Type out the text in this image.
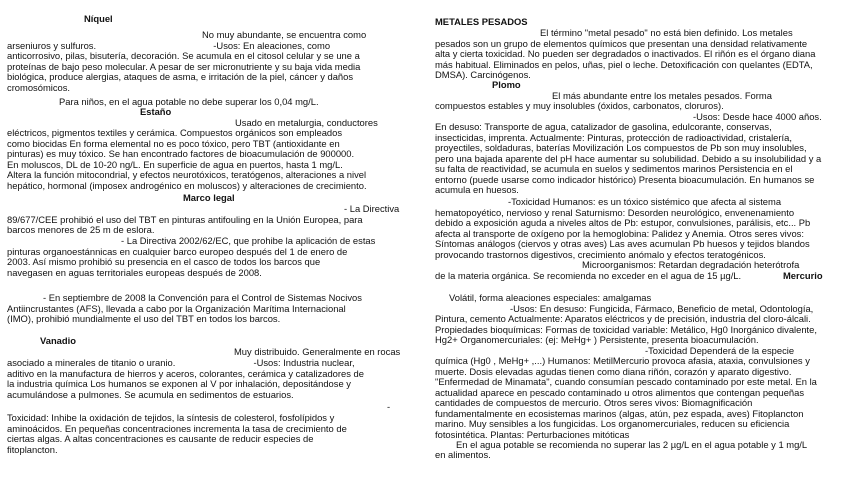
Níquel
No muy abundante, se encuentra como
arseniuros y sulfuros.                                             -Usos: En aleaciones, como
anticorrosivo, pilas, bisutería, decoración. Se acumula en el citosol celular y se une a
proteínas de bajo peso molecular. A pesar de ser micronutriente y su baja vida media
biológica, produce alergias, ataques de asma, e irritación de la piel, cáncer y daños
cromosómicos.
Para niños, en el agua potable no debe superar los 0,04 mg/L.
Estaño
Usado en metalurgia, conductores
eléctricos, pigmentos textiles y cerámica. Compuestos orgánicos son empleados
como biocidas En forma elemental no es poco tóxico, pero TBT (antioxidante en
pinturas) es muy tóxico. Se han encontrado factores de bioacumulación de 900000.
En moluscos, DL de 10-20 ng/L. En superficie de agua en puertos, hasta 1 mg/L.
Altera la función mitocondrial, y efectos neurotóxicos, teratógenos, alteraciones a nivel
hepático, hormonal (imposex androgénico en moluscos) y alteraciones de crecimiento.
Marco legal
- La Directiva
89/677/CEE prohibió el uso del TBT en pinturas antifouling en la Unión Europea, para
barcos menores de 25 m de eslora.
- La Directiva 2002/62/EC, que prohibe la aplicación de estas
pinturas organoestánnicas en cualquier barco europeo después del 1 de enero de
2003. Así mismo prohibió su presencia en el casco de todos los barcos que
navegasen en aguas territoriales europeas después de 2008.
- En septiembre de 2008 la Convención para el Control de Sistemas Nocivos
Antiincrustantes (AFS), llevada a cabo por la Organización Marítima Internacional
(IMO), prohibió mundialmente el uso del TBT en todos los barcos.
Vanadio
Muy distribuido. Generalmente en rocas
asociado a minerales de titanio o uranio.                              -Usos: Industria nuclear,
aditivo en la manufactura de hierros y aceros, colorantes, cerámica y catalizadores de
la industria química Los humanos se exponen al V por inhalación, depositándose y
acumulándose a pulmones. Se acumula en sedimentos de estuarios.
-
Toxicidad: Inhibe la oxidación de tejidos, la síntesis de colesterol, fosfolípidos y
aminoácidos. En pequeñas concentraciones incrementa la tasa de crecimiento de
ciertas algas. A altas concentraciones es causante de reducir especies de
fitoplancton.
METALES PESADOS
El término "metal pesado" no está bien definido. Los metales
pesados son un grupo de elementos químicos que presentan una densidad relativamente
alta y cierta toxicidad. No pueden ser degradados o inactivados. El riñón es el órgano diana
más habitual. Eliminados en pelos, uñas, piel o leche. Detoxificación con quelantes (EDTA,
DMSA). Carcinógenos.
Plomo
El más abundante entre los metales pesados. Forma
compuestos estables y muy insolubles (óxidos, carbonatos, cloruros).
-Usos: Desde hace 4000 años.
En desuso: Transporte de agua, catalizador de gasolina, edulcorante, conservas,
insecticidas, imprenta. Actualmente: Pinturas, protección de radioactividad, cristalería,
proyectiles, soldaduras, baterías Movilización Los compuestos de Pb son muy insolubles,
pero una bajada aparente del pH hace aumentar su solubilidad. Debido a su insolubilidad y a
su falta de reactividad, se acumula en suelos y sedimentos marinos Persistencia en el
entorno (puede usarse como indicador histórico) Presenta bioacumulación. En humanos se
acumula en huesos.
-Toxicidad Humanos: es un tóxico sistémico que afecta al sistema
hematopoyético, nervioso y renal Saturnismo: Desorden neurológico, envenenamiento
debido a exposición aguda a niveles altos de Pb: estupor, convulsiones, parálisis, etc... Pb
afecta al transporte de oxígeno por la hemoglobina: Palidez y Anemia. Otros seres vivos:
Síntomas análogos (ciervos y otras aves) Las aves acumulan Pb huesos y tejidos blandos
provocando trastornos digestivos, crecimiento anómalo y efectos teratogénicos.
Microorganismos: Retardan degradación heterótrofa
de la materia orgánica. Se recomienda no exceder en el agua de 15 µg/L.	Mercurio
Volátil, forma aleaciones especiales: amalgamas
-Usos: En desuso: Fungicida, Fármaco, Beneficio de metal, Odontología,
Pintura, cemento Actualmente: Aparatos eléctricos y de precisión, industria del cloro-álcali.
Propiedades bioquímicas: Formas de toxicidad variable: Metálico, Hg0 Inorgánico divalente,
Hg2+ Organomercuriales: (ej: MeHg+ ) Persistente, presenta bioacumulación.
-Toxicidad Dependerá de la especie
química (Hg0 , MeHg+ ,...) Humanos: MetilMercurio provoca afasia, ataxia, convulsiones y
muerte. Dosis elevadas agudas tienen como diana riñón, corazón y aparato digestivo.
"Enfermedad de Minamata", cuando consumían pescado contaminado por este metal. En la
actualidad aparece en pescado contaminado u otros alimentos que contengan pequeñas
cantidades de compuestos de mercurio. Otros seres vivos: Biomagnificación
fundamentalmente en ecosistemas marinos (algas, atún, pez espada, aves) Fitoplancton
marino. Muy sensibles a los fungicidas. Los organomercuriales, reducen su eficiencia
fotosintética. Plantas: Perturbaciones mitóticas
En el agua potable se recomienda no superar las 2 µg/L en el agua potable y 1 mg/L
en alimentos.
